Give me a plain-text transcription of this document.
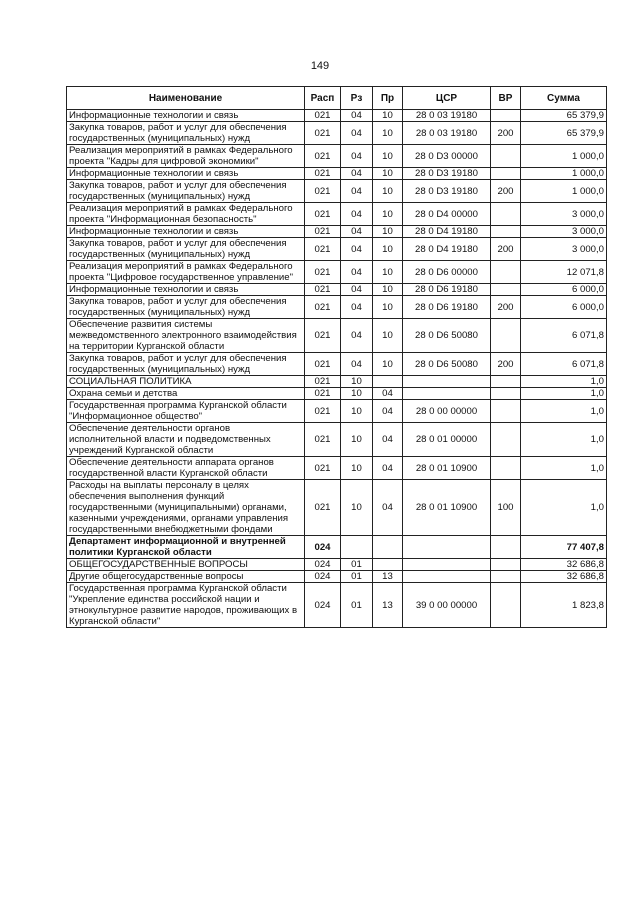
149
Наименование	Расп	Рз	Пр	ЦСР	ВР	Сумма
Информационные технологии и связь	021	04	10	28 0 03 19180		65 379,9
Закупка товаров, работ и услуг для обеспечения государственных (муниципальных) нужд	021	04	10	28 0 03 19180	200	65 379,9
Реализация мероприятий в рамках Федерального проекта "Кадры для цифровой экономики"	021	04	10	28 0 D3 00000		1 000,0
Информационные технологии и связь	021	04	10	28 0 D3 19180		1 000,0
Закупка товаров, работ и услуг для обеспечения государственных (муниципальных) нужд	021	04	10	28 0 D3 19180	200	1 000,0
Реализация мероприятий в рамках Федерального проекта "Информационная безопасность"	021	04	10	28 0 D4 00000		3 000,0
Информационные технологии и связь	021	04	10	28 0 D4 19180		3 000,0
Закупка товаров, работ и услуг для обеспечения государственных (муниципальных) нужд	021	04	10	28 0 D4 19180	200	3 000,0
Реализация мероприятий в рамках Федерального проекта "Цифровое государственное управление"	021	04	10	28 0 D6 00000		12 071,8
Информационные технологии и связь	021	04	10	28 0 D6 19180		6 000,0
Закупка товаров, работ и услуг для обеспечения государственных (муниципальных) нужд	021	04	10	28 0 D6 19180	200	6 000,0
Обеспечение развития системы межведомственного электронного взаимодействия на территории Курганской области	021	04	10	28 0 D6 50080		6 071,8
Закупка товаров, работ и услуг для обеспечения государственных (муниципальных) нужд	021	04	10	28 0 D6 50080	200	6 071,8
СОЦИАЛЬНАЯ ПОЛИТИКА	021	10				1,0
Охрана семьи и детства	021	10	04			1,0
Государственная программа Курганской области "Информационное общество"	021	10	04	28 0 00 00000		1,0
Обеспечение деятельности органов исполнительной власти и подведомственных учреждений Курганской области	021	10	04	28 0 01 00000		1,0
Обеспечение деятельности аппарата органов государственной власти Курганской области	021	10	04	28 0 01 10900		1,0
Расходы на выплаты персоналу в целях обеспечения выполнения функций государственными (муниципальными) органами, казенными учреждениями, органами управления государственными внебюджетными фондами	021	10	04	28 0 01 10900	100	1,0
Департамент информационной и внутренней политики Курганской области	024					77 407,8
ОБЩЕГОСУДАРСТВЕННЫЕ ВОПРОСЫ	024	01				32 686,8
Другие общегосударственные вопросы	024	01	13			32 686,8
Государственная программа Курганской области "Укрепление единства российской нации и этнокультурное развитие народов, проживающих в Курганской области"	024	01	13	39 0 00 00000		1 823,8
